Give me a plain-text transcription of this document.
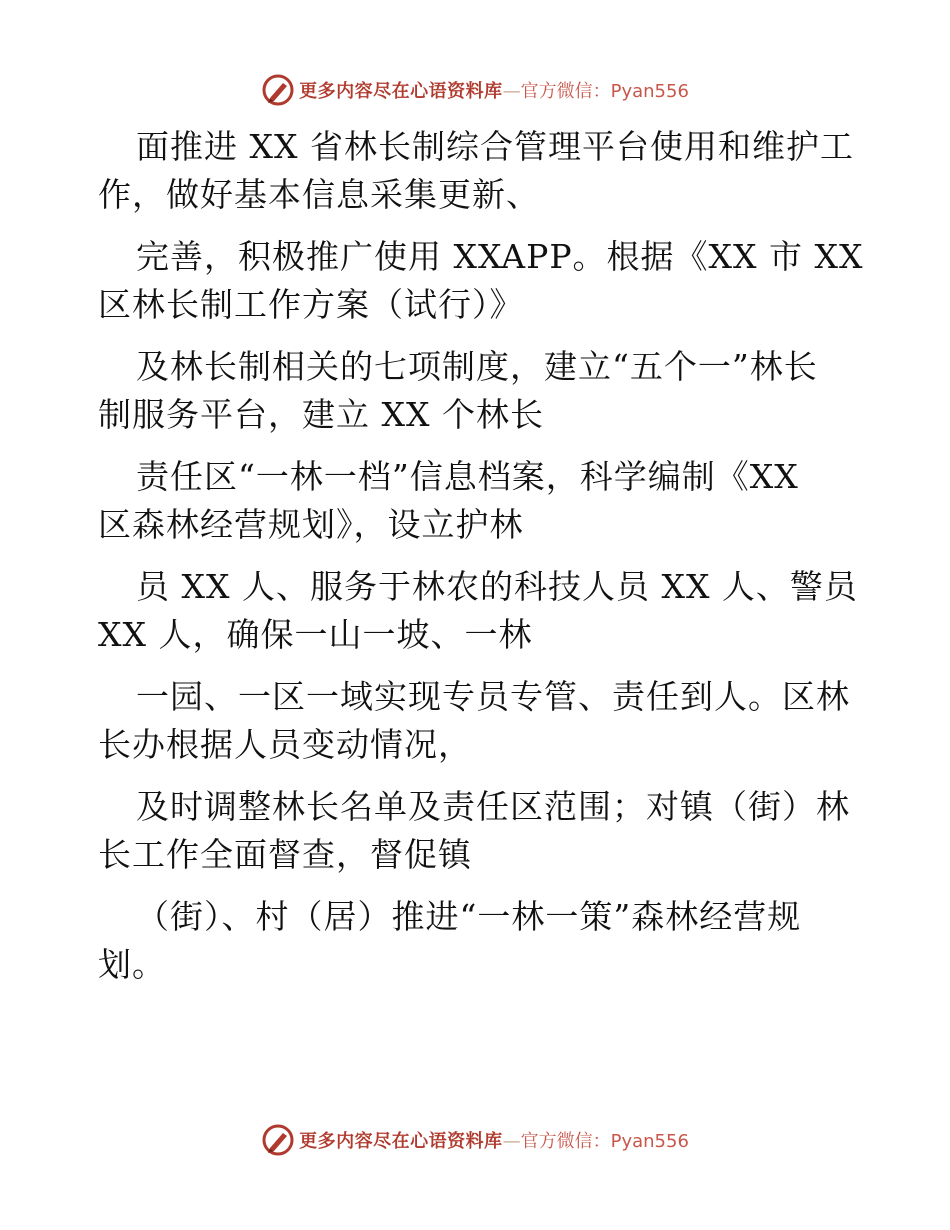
更多内容尽在心语资料库—官方微信：Pyan556
面推进 XX 省林长制综合管理平台使用和维护工
作，做好基本信息采集更新、
完善，积极推广使用 XXAPP。根据《XX 市 XX
区林长制工作方案（试行）》
及林长制相关的七项制度，建立“五个一”林长
制服务平台，建立 XX 个林长
责任区“一林一档”信息档案，科学编制《XX
区森林经营规划》，设立护林
员 XX 人、服务于林农的科技人员 XX 人、警员
XX 人，确保一山一坡、一林
一园、一区一域实现专员专管、责任到人。区林
长办根据人员变动情况，
及时调整林长名单及责任区范围；对镇（街）林
长工作全面督查，督促镇
（街）、村（居）推进“一林一策”森林经营规
划。
更多内容尽在心语资料库—官方微信：Pyan556
